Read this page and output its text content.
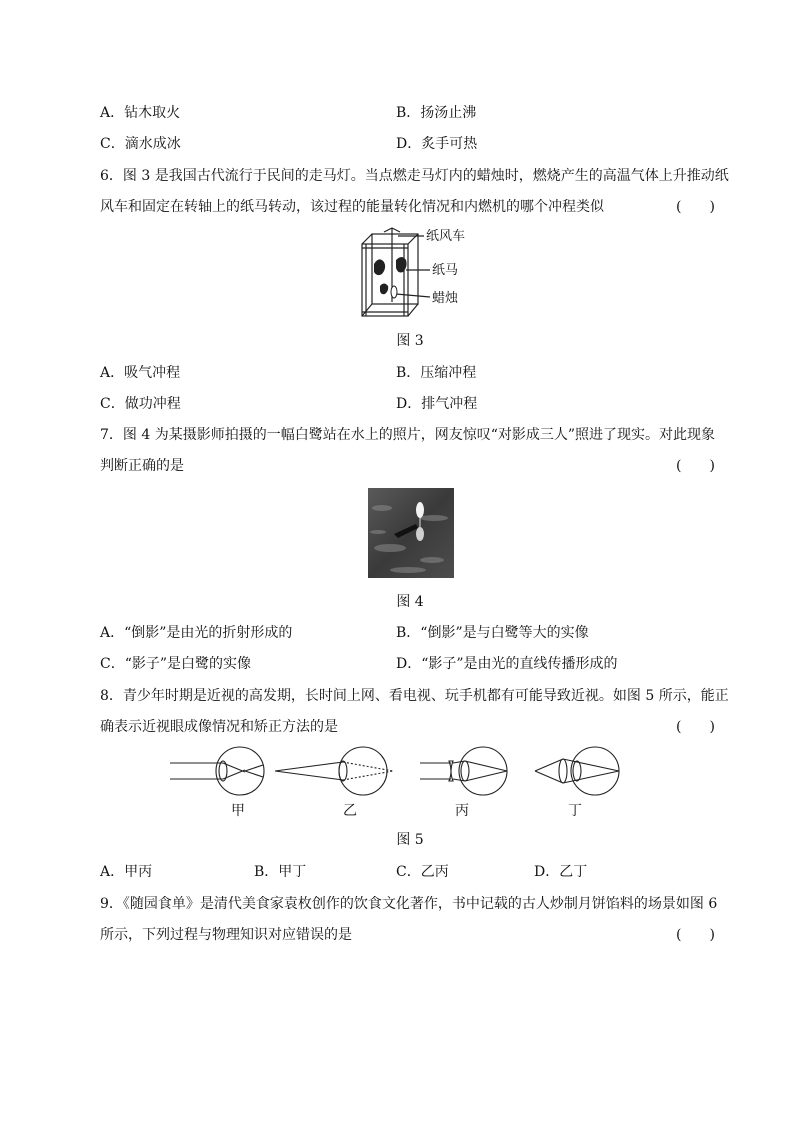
A．钻木取火	B．扬汤止沸
C．滴水成冰	D．炙手可热
6．图 3 是我国古代流行于民间的走马灯。当点燃走马灯内的蜡烛时，燃烧产生的高温气体上升推动纸
风车和固定在转轴上的纸马转动，该过程的能量转化情况和内燃机的哪个冲程类似	(　　)
纸风车
纸马
蜡烛
图 3
A．吸气冲程	B．压缩冲程
C．做功冲程	D．排气冲程
7．图 4 为某摄影师拍摄的一幅白鹭站在水上的照片，网友惊叹“对影成三人”照进了现实。对此现象
判断正确的是	(　　)
图 4
A．“倒影”是由光的折射形成的	B．“倒影”是与白鹭等大的实像
C．“影子”是白鹭的实像	D．“影子”是由光的直线传播形成的
8．青少年时期是近视的高发期，长时间上网、看电视、玩手机都有可能导致近视。如图 5 所示，能正
确表示近视眼成像情况和矫正方法的是	(　　)
甲	乙	丙	丁
图 5
A．甲丙	B．甲丁	C．乙丙	D．乙丁
9．《随园食单》是清代美食家袁枚创作的饮食文化著作，书中记载的古人炒制月饼馅料的场景如图 6
所示，下列过程与物理知识对应错误的是	(　　)
